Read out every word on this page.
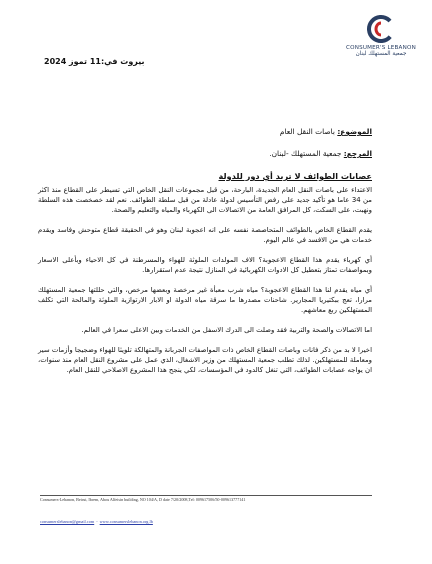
CONSUMER'S LEBANON
جمعية المستهلك لبنان
بيروت في:11 تموز 2024
الموضوع: باصات النقل العام
المرجع: جمعية المستهلك -لبنان.
عصابات الطوائف لا تريد أي دور للدولة

الاعتداء على باصات النقل العام الجديدة، البارحة، من قبل مجموعات النقل الخاص التي تسيطر على القطاع منذ اكثر من 34 عاما هو تأكيد جديد على رفض التأسيس لدولة عادلة من قبل سلطة الطوائف. نعم لقد خصخصت هذه السلطة ونهبت، على السكت، كل المرافق العامة من الاتصالات الى الكهرباء والمياه والتعليم والصحة.

يقدم القطاع الخاص بالطوائف المتحاصصة نفسه على انه اعجوبة لبنان وهو في الحقيقة قطاع متوحش وفاسد ويقدم خدمات هي من الافسد في عالم اليوم.

أي كهرباء يقدم هذا القطاع الاعجوبة؟ الاف المولدات الملوثة للهواء والمسرطنة في كل الاحياء وبأعلى الاسعار وبمواصفات تمتاز بتعطيل كل الادوات الكهربائية في المنازل نتيجة عدم استقرارها.

أي مياه يقدم لنا هذا القطاع الاعجوبة؟ مياه شرب معبأة غير مرخصة وبعضها مرخص، والتي حللتها جمعية المستهلك مرارا، تعج ببكتيريا المجارير. شاحنات مصدرها ما سرقة مياه الدولة او الابار الارتوازية الملوثة والمالحة التي تكلف المستهلكين ربع معاشهم.

اما الاتصالات والصحة والتربية فقد وصلت الى الدرك الاسفل من الخدمات وبين الاعلى سعرا في العالم.

اخيرا لا بد من ذكر فانات وباصات القطاع الخاص ذات المواصفات الجربانة والمتهالكة تلويثا للهواء وضجيجا وأزمات سير ومعاملة للمستهلكين. لذلك تطلب جمعية المستهلك من وزير الاشغال، الذي عمل على مشروع النقل العام منذ سنوات، ان يواجه عصابات الطوائف، التي تنغل كالدود في المؤسسات، لكي ينجح هذا المشروع الاصلاحي للنقل العام.

Consumers-Lebanon, Beirut, Ibrem, Abou Alfeisin building, NO 104/A, D date 7/20/2008,Tel: 009617506/50-009613777141
consumerslebanon@gmail.com - www.consumerslebanon.org.lb
